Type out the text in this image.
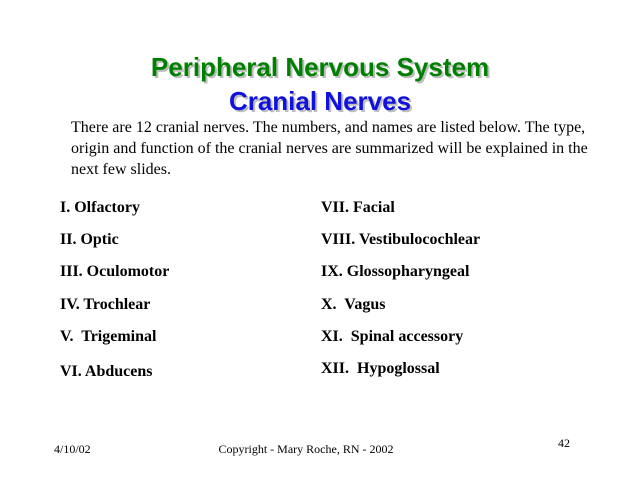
Peripheral Nervous System
Cranial Nerves

There are 12 cranial nerves. The numbers, and names are listed below. The type, origin and function of the cranial nerves are summarized will be explained in the next few slides.

I. Olfactory
II. Optic
III. Oculomotor
IV. Trochlear
V.  Trigeminal
VI. Abducens
VII. Facial
VIII. Vestibulocochlear
IX. Glossopharyngeal
X.  Vagus
XI.  Spinal accessory
XII.  Hypoglossal
4/10/02	Copyright - Mary Roche, RN - 2002	42
